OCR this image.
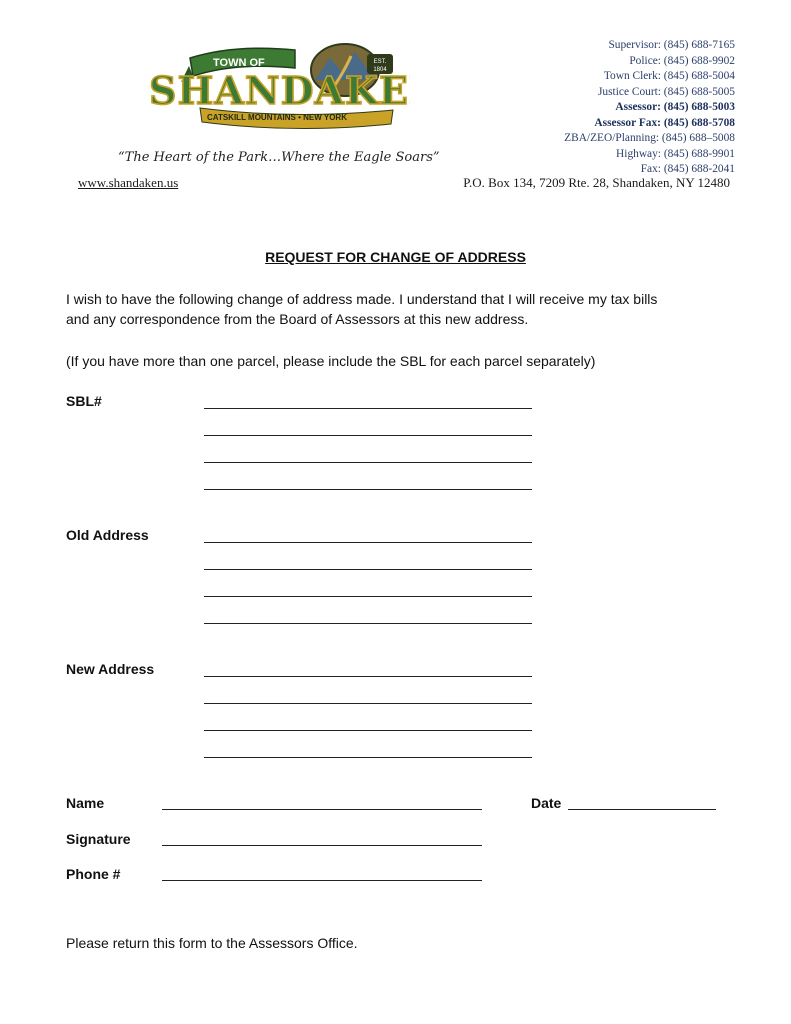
TOWN OF	EST.
1804
SHANDAKE
CATSKILL MOUNTAINS • NEW YORK
“The Heart of the Park…Where the Eagle Soars”
www.shandaken.us	P.O. Box 134, 7209 Rte. 28, Shandaken, NY 12480
Supervisor: (845) 688-7165
Police: (845) 688-9902
Town Clerk: (845) 688-5004
Justice Court: (845) 688-5005
Assessor: (845) 688-5003
Assessor Fax: (845) 688-5708
ZBA/ZEO/Planning: (845) 688–5008
Highway: (845) 688-9901
Fax: (845) 688-2041
REQUEST FOR CHANGE OF ADDRESS
I wish to have the following change of address made. I understand that I will receive my tax bills
and any correspondence from the Board of Assessors at this new address.
(If you have more than one parcel, please include the SBL for each parcel separately)
SBL#
Old Address
New Address
Name	Date
Signature
Phone #
Please return this form to the Assessors Office.
